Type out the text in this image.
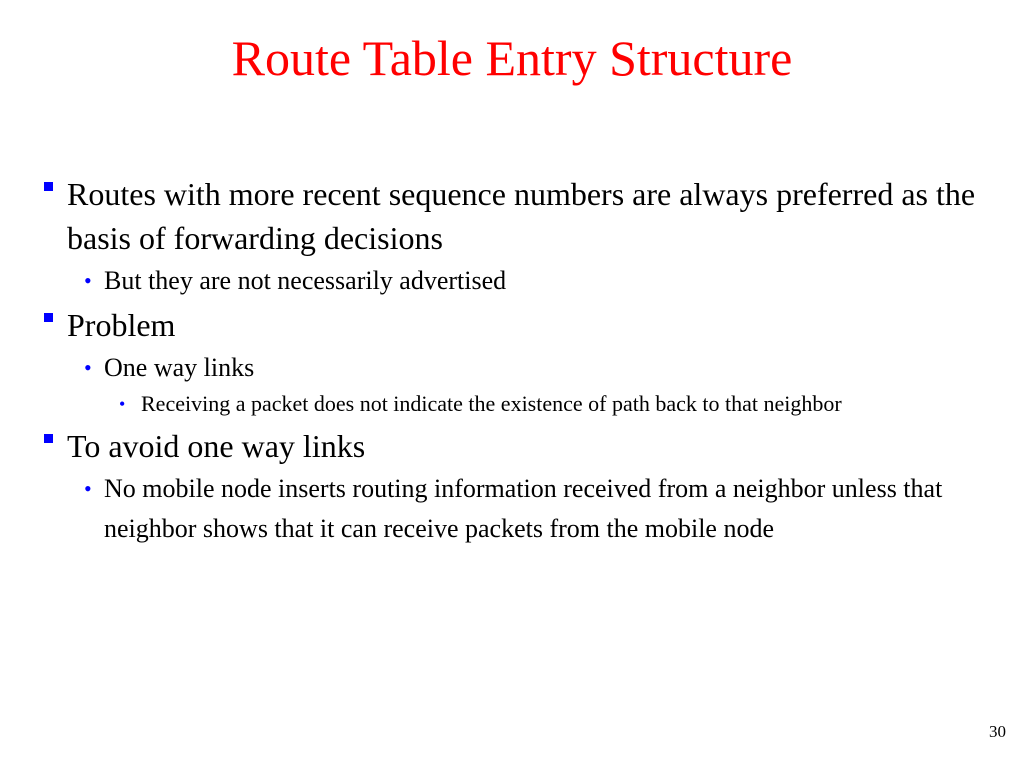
Route Table Entry Structure
Routes with more recent sequence numbers are always preferred as the basis of forwarding decisions
• But they are not necessarily advertised
Problem
• One way links
• Receiving a packet does not indicate the existence of path back to that neighbor
To avoid one way links
• No mobile node inserts routing information received from a neighbor unless that neighbor shows that it can receive packets from the mobile node
30
